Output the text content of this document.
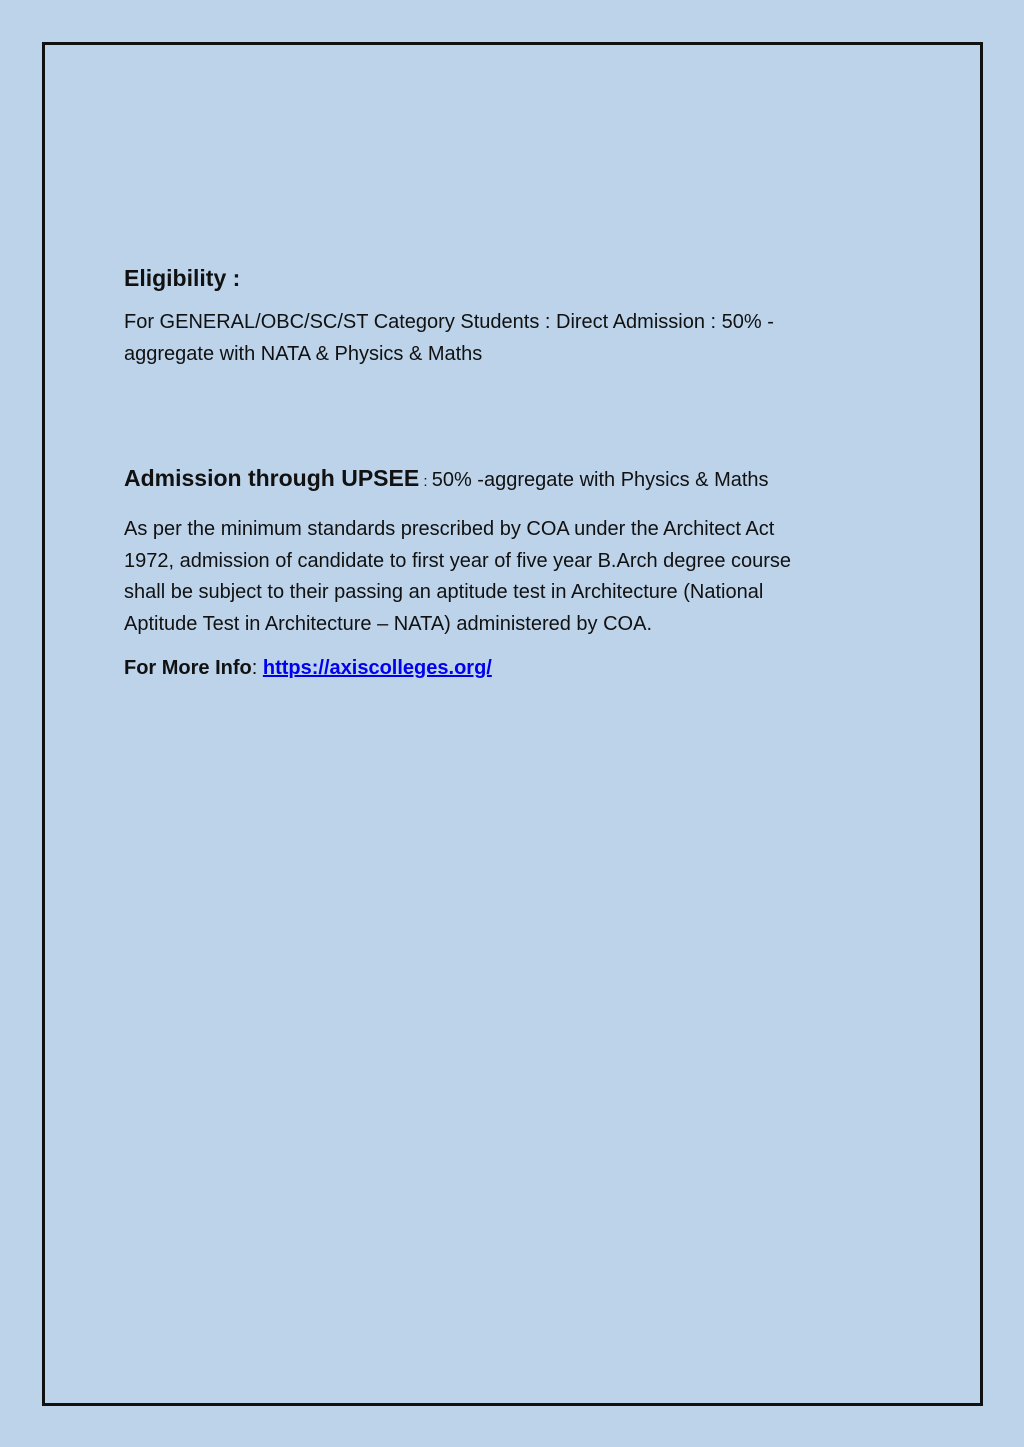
Eligibility :

For GENERAL/OBC/SC/ST Category Students : Direct Admission : 50% -
aggregate with NATA & Physics & Maths

Admission through UPSEE : 50% -aggregate with Physics & Maths

As per the minimum standards prescribed by COA under the Architect Act
1972, admission of candidate to first year of five year B.Arch degree course
shall be subject to their passing an aptitude test in Architecture (National
Aptitude Test in Architecture – NATA) administered by COA.

For More Info: https://axiscolleges.org/
